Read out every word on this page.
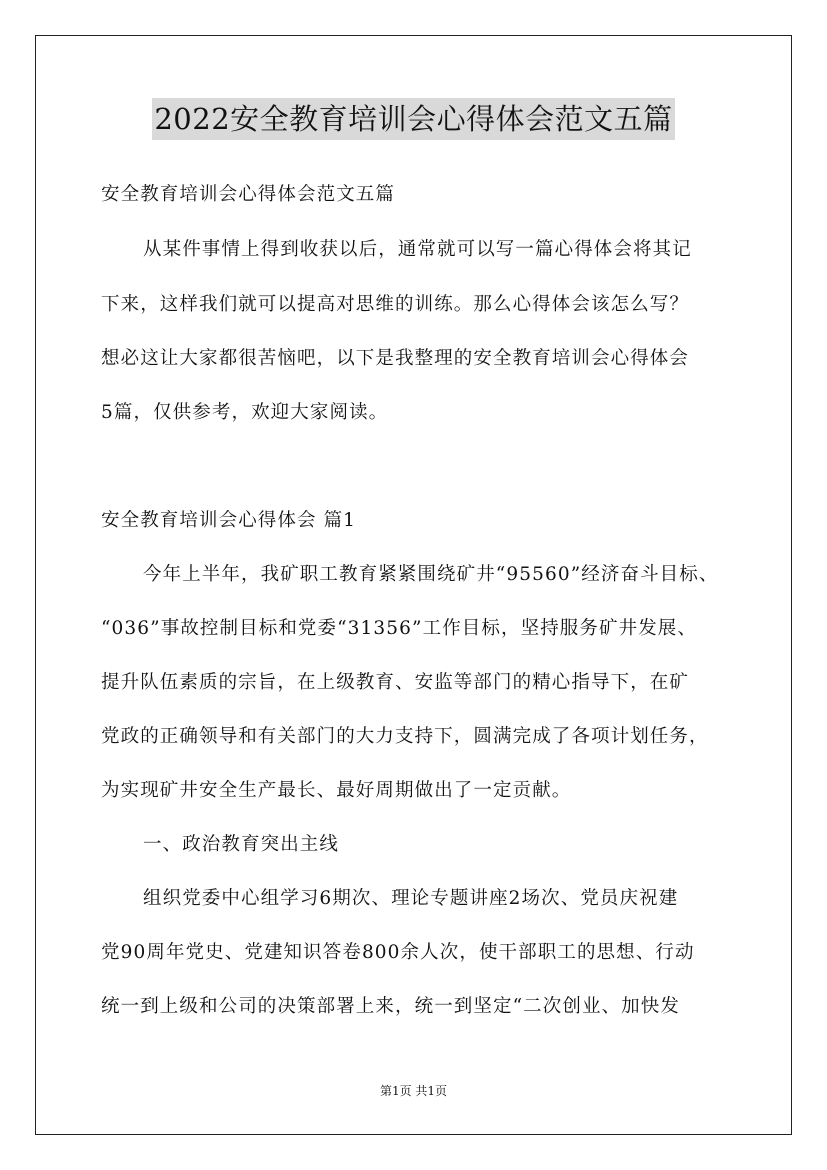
2022安全教育培训会心得体会范文五篇
安全教育培训会心得体会范文五篇
从某件事情上得到收获以后，通常就可以写一篇心得体会将其记
下来，这样我们就可以提高对思维的训练。那么心得体会该怎么写？
想必这让大家都很苦恼吧，以下是我整理的安全教育培训会心得体会
5篇，仅供参考，欢迎大家阅读。
安全教育培训会心得体会 篇1
今年上半年，我矿职工教育紧紧围绕矿井“95560”经济奋斗目标、
“036”事故控制目标和党委“31356”工作目标，坚持服务矿井发展、
提升队伍素质的宗旨，在上级教育、安监等部门的精心指导下，在矿
党政的正确领导和有关部门的大力支持下，圆满完成了各项计划任务，
为实现矿井安全生产最长、最好周期做出了一定贡献。
一、政治教育突出主线
组织党委中心组学习6期次、理论专题讲座2场次、党员庆祝建
党90周年党史、党建知识答卷800余人次，使干部职工的思想、行动
统一到上级和公司的决策部署上来，统一到坚定“二次创业、加快发
第1页 共1页
